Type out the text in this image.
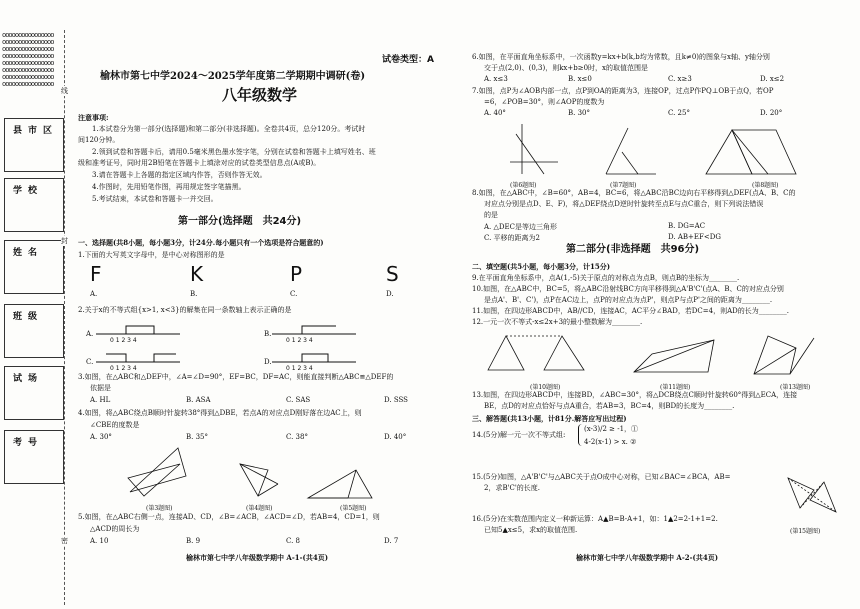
oooooooooooooooo
oooooooooooooooo
oooooooooooooooo
oooooooooooooooo
oooooooooooooooo
oooooooooooooooo
oooooooooooooooo
oooooooooooooooo
县市区
学校
姓名
班级
试场
考号
线
封
密
试卷类型：A
榆林市第七中学2024～2025学年度第二学期期中调研(卷)
八年级数学
注意事项:
1.本试卷分为第一部分(选择题)和第二部分(非选择题)。全卷共4页，总分120分。考试时
间120分钟。
2.领到试卷和答题卡后，请用0.5毫米黑色墨水签字笔，分别在试卷和答题卡上填写姓名、班
级和准考证号，同时用2B铅笔在答题卡上填涂对应的试卷类型信息点(A或B)。
3.请在答题卡上各题的指定区域内作答，否则作答无效。
4.作图时，先用铅笔作图，再用规定签字笔描黑。
5.考试结束，本试卷和答题卡一并交回。
第一部分(选择题　共24分)
一、选择题(共8小题，每小题3分，计24分.每小题只有一个选项是符合题意的)
1.下面的大写英文字母中，是中心对称图形的是
F	K	P	S
A.	B.	C.	D.
2.关于x的不等式组{x>1, x<3}的解集在同一条数轴上表示正确的是
A.	B.
C.	D.
0 1 2 3 4	0 1 2 3 4
0 1 2 3 4	0 1 2 3 4
3.如图，在△ABC和△DEF中，∠A=∠D=90°，EF=BC，DF=AC，则能直接判断△ABC≌△DEF的
依据是
A. HL	B. ASA	C. SAS	D. SSS
4.如图，将△ABC绕点B顺时针旋转38°得到△DBE，若点A的对应点D刚好落在边AC上，则
∠CBE的度数是
A. 30°	B. 35°	C. 38°	D. 40°
(第3题图)	(第4题图)	(第5题图)
5.如图，在△ABC右侧一点，连接AD、CD，∠B=∠ACB，∠ACD=∠D，若AB=4，CD=1，则
△ACD的周长为
A. 10	B. 9	C. 8	D. 7
榆林市第七中学八年级数学期中 A-1-(共4页)
6.如图，在平面直角坐标系中，一次函数y=kx+b(k,b均为常数，且k≠0)的图象与x轴、y轴分别
交于点(2,0)、(0,3)，则kx+b≥0时，x的取值范围是
A. x≤3	B. x≤0	C. x≥3	D. x≤2
7.如图，点P为∠AOB内部一点，点P到OA的距离为3，连接OP，过点P作PQ⊥OB于点Q，若OP
=6，∠POB=30°，则∠AOP的度数为
A. 40°	B. 30°	C. 25°	D. 20°
(第6题图)	(第7题图)	(第8题图)
8.如图，在△ABC中，∠B=60°，AB=4，BC=6，将△ABC沿BC边向右平移得到△DEF(点A、B、C的
对应点分别是点D、E、F)，将△DEF绕点D逆时针旋转至点E与点C重合，则下列说法错误
的是
A. △DEC是等边三角形	B. DG=AC
C. 平移的距离为2	D. AB+EF<DG
第二部分(非选择题　共96分)
二、填空题(共5小题，每小题3分，计15分)
9.在平面直角坐标系中，点A(1,-5)关于原点的对称点为点B，则点B的坐标为________.
10.如图，在△ABC中，BC=5，将△ABC沿射线BC方向平移得到△A'B'C'(点A、B、C的对应点分别
是点A'、B'、C')，点P在AC边上，点P的对应点为点P'，则点P与点P'之间的距离为________.
11.如图，在四边形ABCD中，AB//CD，连接AC，AC平分∠BAD，若DC=4，则AD的长为________.
12.一元一次不等式-x≤2x+3的最小整数解为________.
(第10题图)	(第11题图)	(第13题图)
13.如图，在四边形ABCD中，连接BD，∠ABC=30°，将△DCB绕点C顺时针旋转60°得到△ECA，连接
BE，点D的对应点恰好与点A重合，若AB=3，BC=4，则BD的长度为________.
三、解答题(共13小题，计81分.解答应写出过程)
14.(5分)解一元一次不等式组:
(x-3)/2 ≥ -1，①
4-2(x-1) > x. ②
15.(5分)如图，△A'B'C'与△ABC关于点O成中心对称，已知∠BAC=∠BCA，AB=
2，求B'C'的长度.
16.(5分)在实数范围内定义一种新运算：A▲B=B-A+1，如：1▲2=2-1+1=2.
已知5▲x≤5，求x的取值范围.	(第15题图)
榆林市第七中学八年级数学期中 A-2-(共4页)
